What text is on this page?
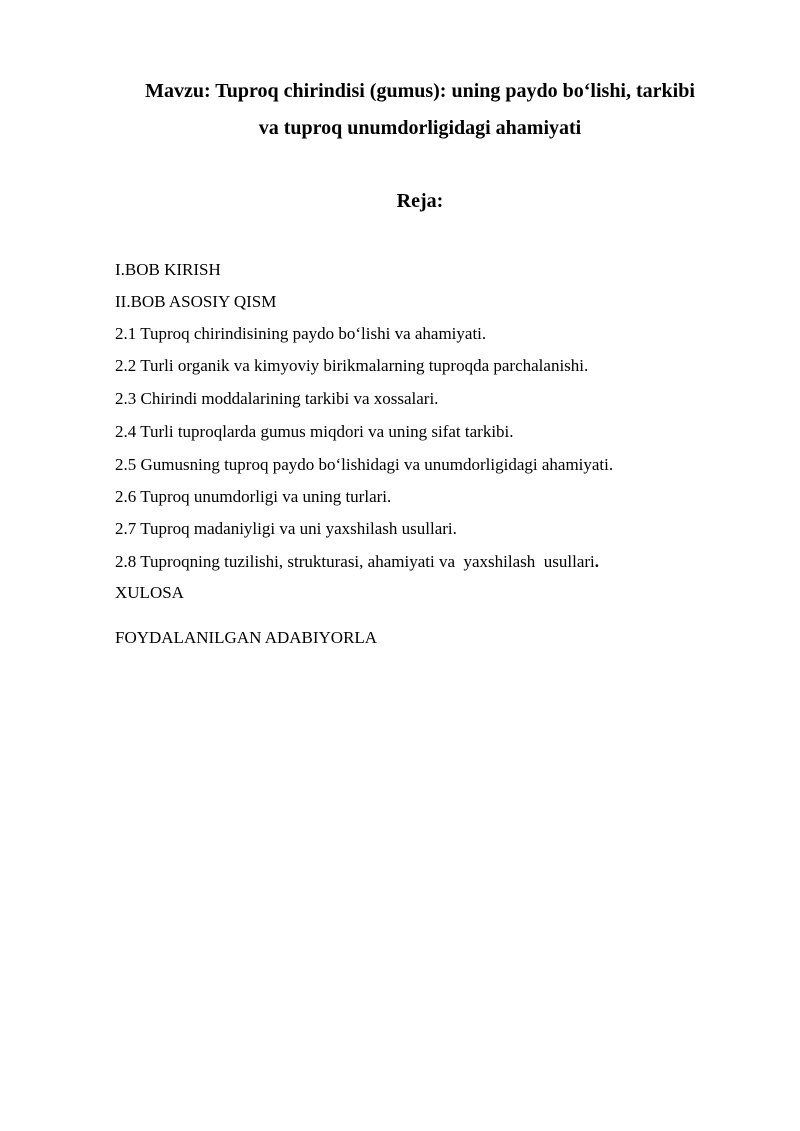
Mavzu: Tuproq chirindisi (gumus): uning paydo bo‘lishi, tarkibi
va tuproq unumdorligidagi ahamiyati
Reja:
I.BOB KIRISH
II.BOB ASOSIY QISM
2.1 Tuproq chirindisining paydo bo‘lishi va ahamiyati.
2.2 Turli organik va kimyoviy birikmalarning tuproqda parchalanishi.
2.3 Chirindi moddalarining tarkibi va xossalari.
2.4 Turli tuproqlarda gumus miqdori va uning sifat tarkibi.
2.5 Gumusning tuproq paydo bo‘lishidagi va unumdorligidagi ahamiyati.
2.6 Tuproq unumdorligi va uning turlari.
2.7 Tuproq madaniyligi va uni yaxshilash usullari.
2.8 Tuproqning tuzilishi, strukturasi, ahamiyati va  yaxshilash  usullari.
XULOSA
FOYDALANILGAN ADABIYORLA
